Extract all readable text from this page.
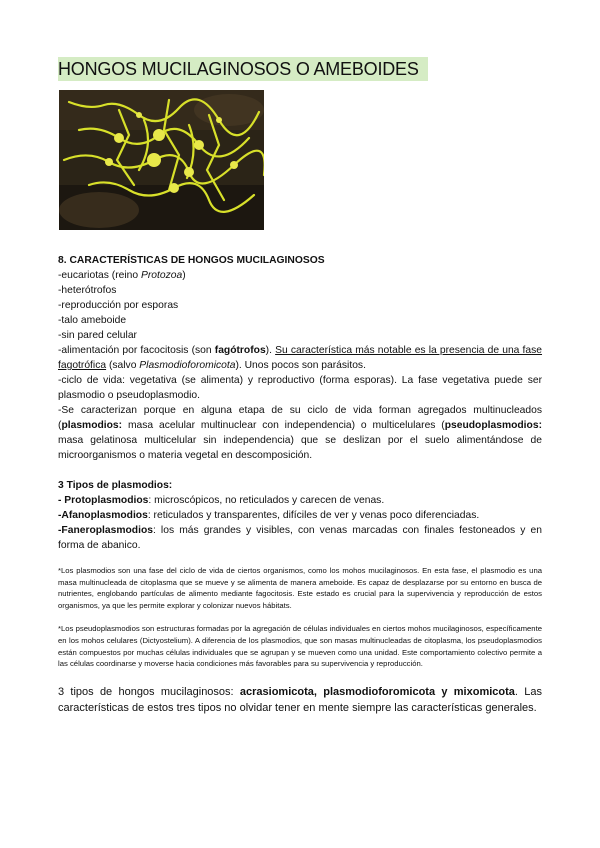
HONGOS MUCILAGINOSOS O AMEBOIDES

8. CARACTERÍSTICAS DE HONGOS MUCILAGINOSOS

-eucariotas (reino Protozoa)

-heterótrofos

-reproducción por esporas

-talo ameboide

-sin pared celular

-alimentación por facocitosis (son fagótrofos). Su característica más notable es la presencia de una fase fagotrófica (salvo Plasmodioforomicota). Unos pocos son parásitos.

-ciclo de vida: vegetativa (se alimenta) y reproductivo (forma esporas). La fase vegetativa puede ser plasmodio o pseudoplasmodio.

-Se caracterizan porque en alguna etapa de su ciclo de vida forman agregados multinucleados (plasmodios: masa acelular multinuclear con independencia) o multicelulares (pseudoplasmodios: masa gelatinosa multicelular sin independencia) que se deslizan por el suelo alimentándose de microorganismos o materia vegetal en descomposición.

3 Tipos de plasmodios:

- Protoplasmodios: microscópicos, no reticulados y carecen de venas.

-Afanoplasmodios: reticulados y transparentes, difíciles de ver y venas poco diferenciadas.

-Faneroplasmodios: los más grandes y visibles, con venas marcadas con finales festoneados y en forma de abanico.

*Los plasmodios son una fase del ciclo de vida de ciertos organismos, como los mohos mucilaginosos. En esta fase, el plasmodio es una masa multinucleada de citoplasma que se mueve y se alimenta de manera ameboide. Es capaz de desplazarse por su entorno en busca de nutrientes, englobando partículas de alimento mediante fagocitosis. Este estado es crucial para la supervivencia y reproducción de estos organismos, ya que les permite explorar y colonizar nuevos hábitats.

*Los pseudoplasmodios son estructuras formadas por la agregación de células individuales en ciertos mohos mucilaginosos, específicamente en los mohos celulares (Dictyostelium). A diferencia de los plasmodios, que son masas multinucleadas de citoplasma, los pseudoplasmodios están compuestos por muchas células individuales que se agrupan y se mueven como una unidad. Este comportamiento colectivo permite a las células coordinarse y moverse hacia condiciones más favorables para su supervivencia y reproducción.

3 tipos de hongos mucilaginosos: acrasiomicota, plasmodioforomicota y mixomicota. Las características de estos tres tipos no olvidar tener en mente siempre las características generales.
